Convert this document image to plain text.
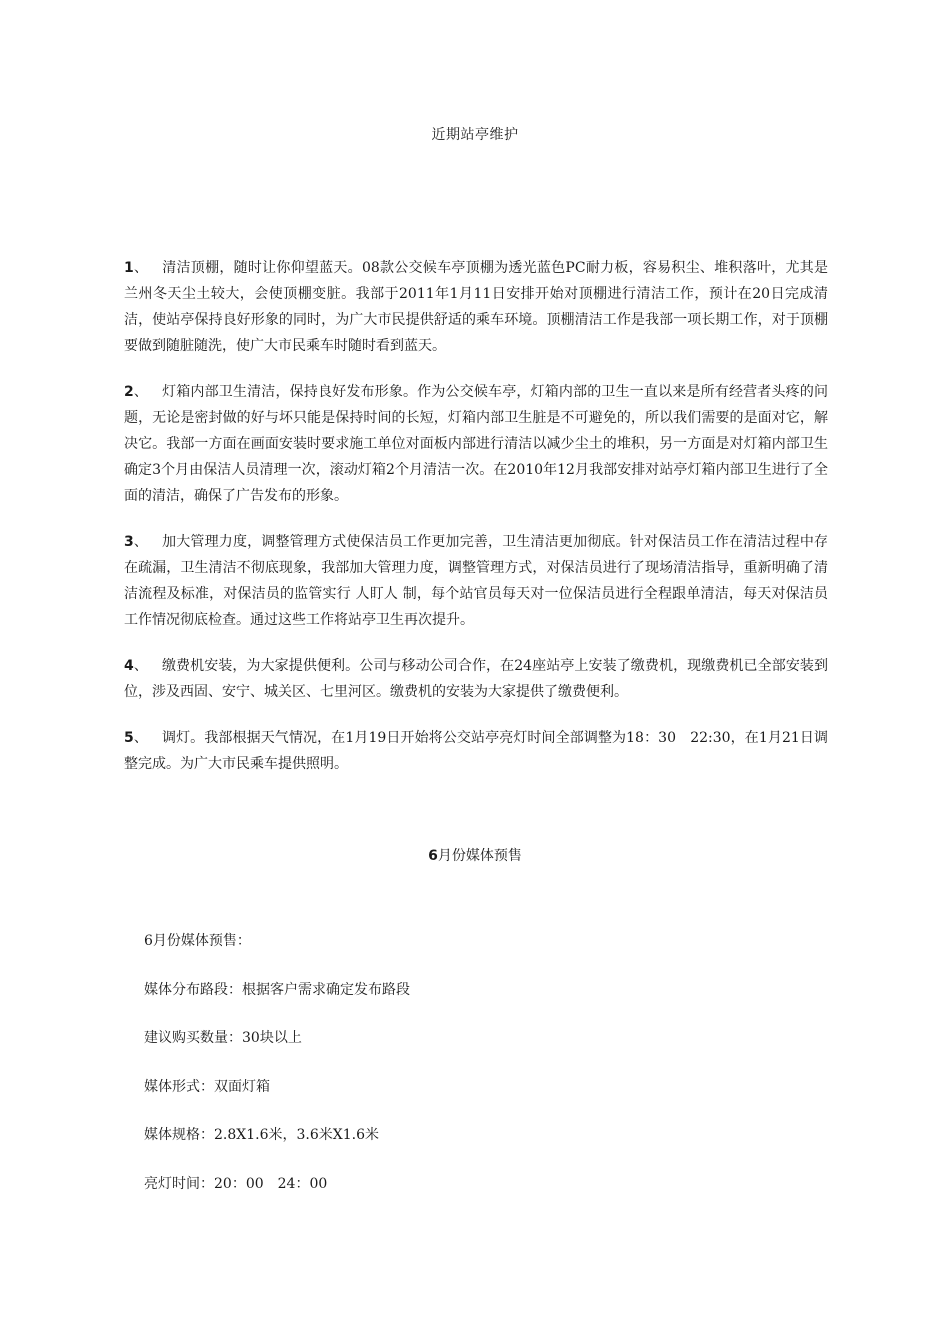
近期站亭维护
1、 清洁顶棚，随时让你仰望蓝天。08款公交候车亭顶棚为透光蓝色PC耐力板，容易积尘、堆积落叶，尤其是兰州冬天尘土较大，会使顶棚变脏。我部于2011年1月11日安排开始对顶棚进行清洁工作，预计在20日完成清洁，使站亭保持良好形象的同时，为广大市民提供舒适的乘车环境。顶棚清洁工作是我部一项长期工作，对于顶棚要做到随脏随洗，使广大市民乘车时随时看到蓝天。
2、 灯箱内部卫生清洁，保持良好发布形象。作为公交候车亭，灯箱内部的卫生一直以来是所有经营者头疼的问题，无论是密封做的好与坏只能是保持时间的长短，灯箱内部卫生脏是不可避免的，所以我们需要的是面对它，解决它。我部一方面在画面安装时要求施工单位对面板内部进行清洁以减少尘土的堆积，另一方面是对灯箱内部卫生确定3个月由保洁人员清理一次，滚动灯箱2个月清洁一次。在2010年12月我部安排对站亭灯箱内部卫生进行了全面的清洁，确保了广告发布的形象。
3、 加大管理力度，调整管理方式使保洁员工作更加完善，卫生清洁更加彻底。针对保洁员工作在清洁过程中存在疏漏，卫生清洁不彻底现象，我部加大管理力度，调整管理方式，对保洁员进行了现场清洁指导，重新明确了清洁流程及标准，对保洁员的监管实行 人盯人 制，每个站官员每天对一位保洁员进行全程跟单清洁，每天对保洁员工作情况彻底检查。通过这些工作将站亭卫生再次提升。
4、 缴费机安装，为大家提供便利。公司与移动公司合作，在24座站亭上安装了缴费机，现缴费机已全部安装到位，涉及西固、安宁、城关区、七里河区。缴费机的安装为大家提供了缴费便利。
5、 调灯。我部根据天气情况，在1月19日开始将公交站亭亮灯时间全部调整为18：30　22:30，在1月21日调整完成。为广大市民乘车提供照明。
6月份媒体预售
6月份媒体预售：
媒体分布路段：根据客户需求确定发布路段
建议购买数量：30块以上
媒体形式：双面灯箱
媒体规格：2.8X1.6米，3.6米X1.6米
亮灯时间：20：00　24：00
